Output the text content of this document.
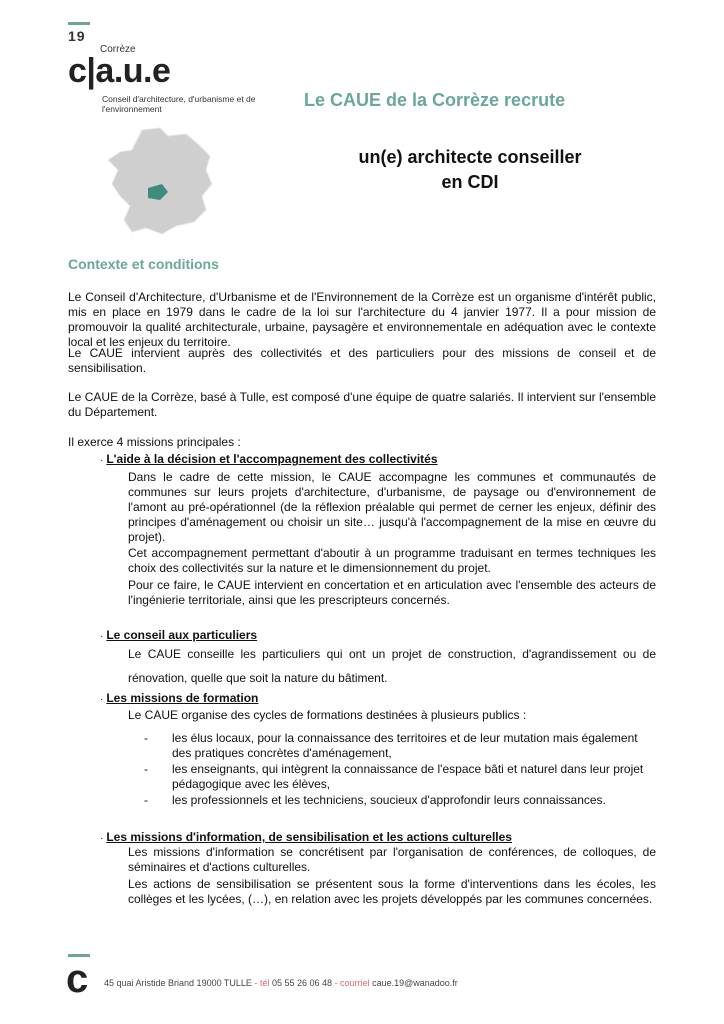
19
Corrèze
c|a.u.e
Conseil d'architecture, d'urbanisme et de l'environnement	Le CAUE de la Corrèze recrute
un(e) architecte conseiller
en CDI
Contexte et conditions
Le Conseil d'Architecture, d'Urbanisme et de l'Environnement de la Corrèze est un organisme d'intérêt public, mis en place en 1979 dans le cadre de la loi sur l'architecture du 4 janvier 1977. Il a pour mission de promouvoir la qualité architecturale, urbaine, paysagère et environnementale en adéquation avec le contexte local et les enjeux du territoire.
Le CAUE intervient auprès des collectivités et des particuliers pour des missions de conseil et de sensibilisation.
Le CAUE de la Corrèze, basé à Tulle, est composé d'une équipe de quatre salariés. Il intervient sur l'ensemble du Département.
Il exerce 4 missions principales :
· L'aide à la décision et l'accompagnement des collectivités
Dans le cadre de cette mission, le CAUE accompagne les communes et communautés de communes sur leurs projets d'architecture, d'urbanisme, de paysage ou d'environnement de l'amont au pré-opérationnel (de la réflexion préalable qui permet de cerner les enjeux, définir des principes d'aménagement ou choisir un site… jusqu'à l'accompagnement de la mise en œuvre du projet).
Cet accompagnement permettant d'aboutir à un programme traduisant en termes techniques les choix des collectivités sur la nature et le dimensionnement du projet.
Pour ce faire, le CAUE intervient en concertation et en articulation avec l'ensemble des acteurs de l'ingénierie territoriale, ainsi que les prescripteurs concernés.
· Le conseil aux particuliers
Le CAUE conseille les particuliers qui ont un projet de construction, d'agrandissement ou de rénovation, quelle que soit la nature du bâtiment.
· Les missions de formation
Le CAUE organise des cycles de formations destinées à plusieurs publics :
- les élus locaux, pour la connaissance des territoires et de leur mutation mais également des pratiques concrètes d'aménagement,
- les enseignants, qui intègrent la connaissance de l'espace bâti et naturel dans leur projet pédagogique avec les élèves,
- les professionnels et les techniciens, soucieux d'approfondir leurs connaissances.
· Les missions d'information, de sensibilisation et les actions culturelles
Les missions d'information se concrétisent par l'organisation de conférences, de colloques, de séminaires et d'actions culturelles.
Les actions de sensibilisation se présentent sous la forme d'interventions dans les écoles, les collèges et les lycées, (…), en relation avec les projets développés par les communes concernées.
c 45 quai Aristide Briand 19000 TULLE - tél 05 55 26 06 48 - courriel caue.19@wanadoo.fr
